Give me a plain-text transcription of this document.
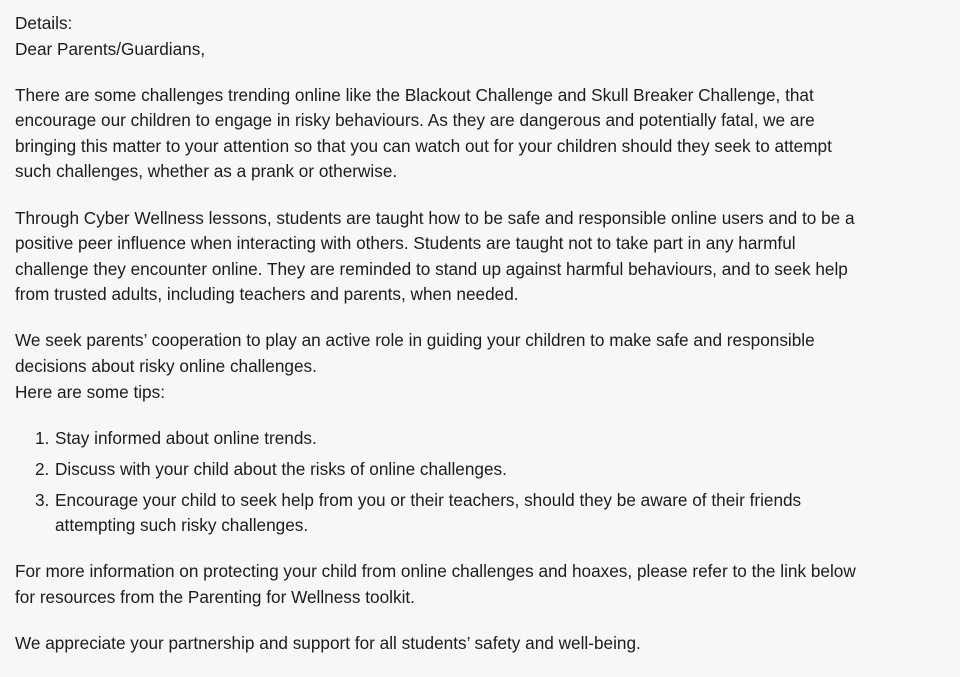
Details:
Dear Parents/Guardians,
There are some challenges trending online like the Blackout Challenge and Skull Breaker Challenge, that
encourage our children to engage in risky behaviours. As they are dangerous and potentially fatal, we are
bringing this matter to your attention so that you can watch out for your children should they seek to attempt
such challenges, whether as a prank or otherwise.
Through Cyber Wellness lessons, students are taught how to be safe and responsible online users and to be a
positive peer influence when interacting with others. Students are taught not to take part in any harmful
challenge they encounter online. They are reminded to stand up against harmful behaviours, and to seek help
from trusted adults, including teachers and parents, when needed.
We seek parents’ cooperation to play an active role in guiding your children to make safe and responsible
decisions about risky online challenges.
Here are some tips:
1. Stay informed about online trends.
2. Discuss with your child about the risks of online challenges.
3. Encourage your child to seek help from you or their teachers, should they be aware of their friends
attempting such risky challenges.
For more information on protecting your child from online challenges and hoaxes, please refer to the link below
for resources from the Parenting for Wellness toolkit.
We appreciate your partnership and support for all students’ safety and well-being.
